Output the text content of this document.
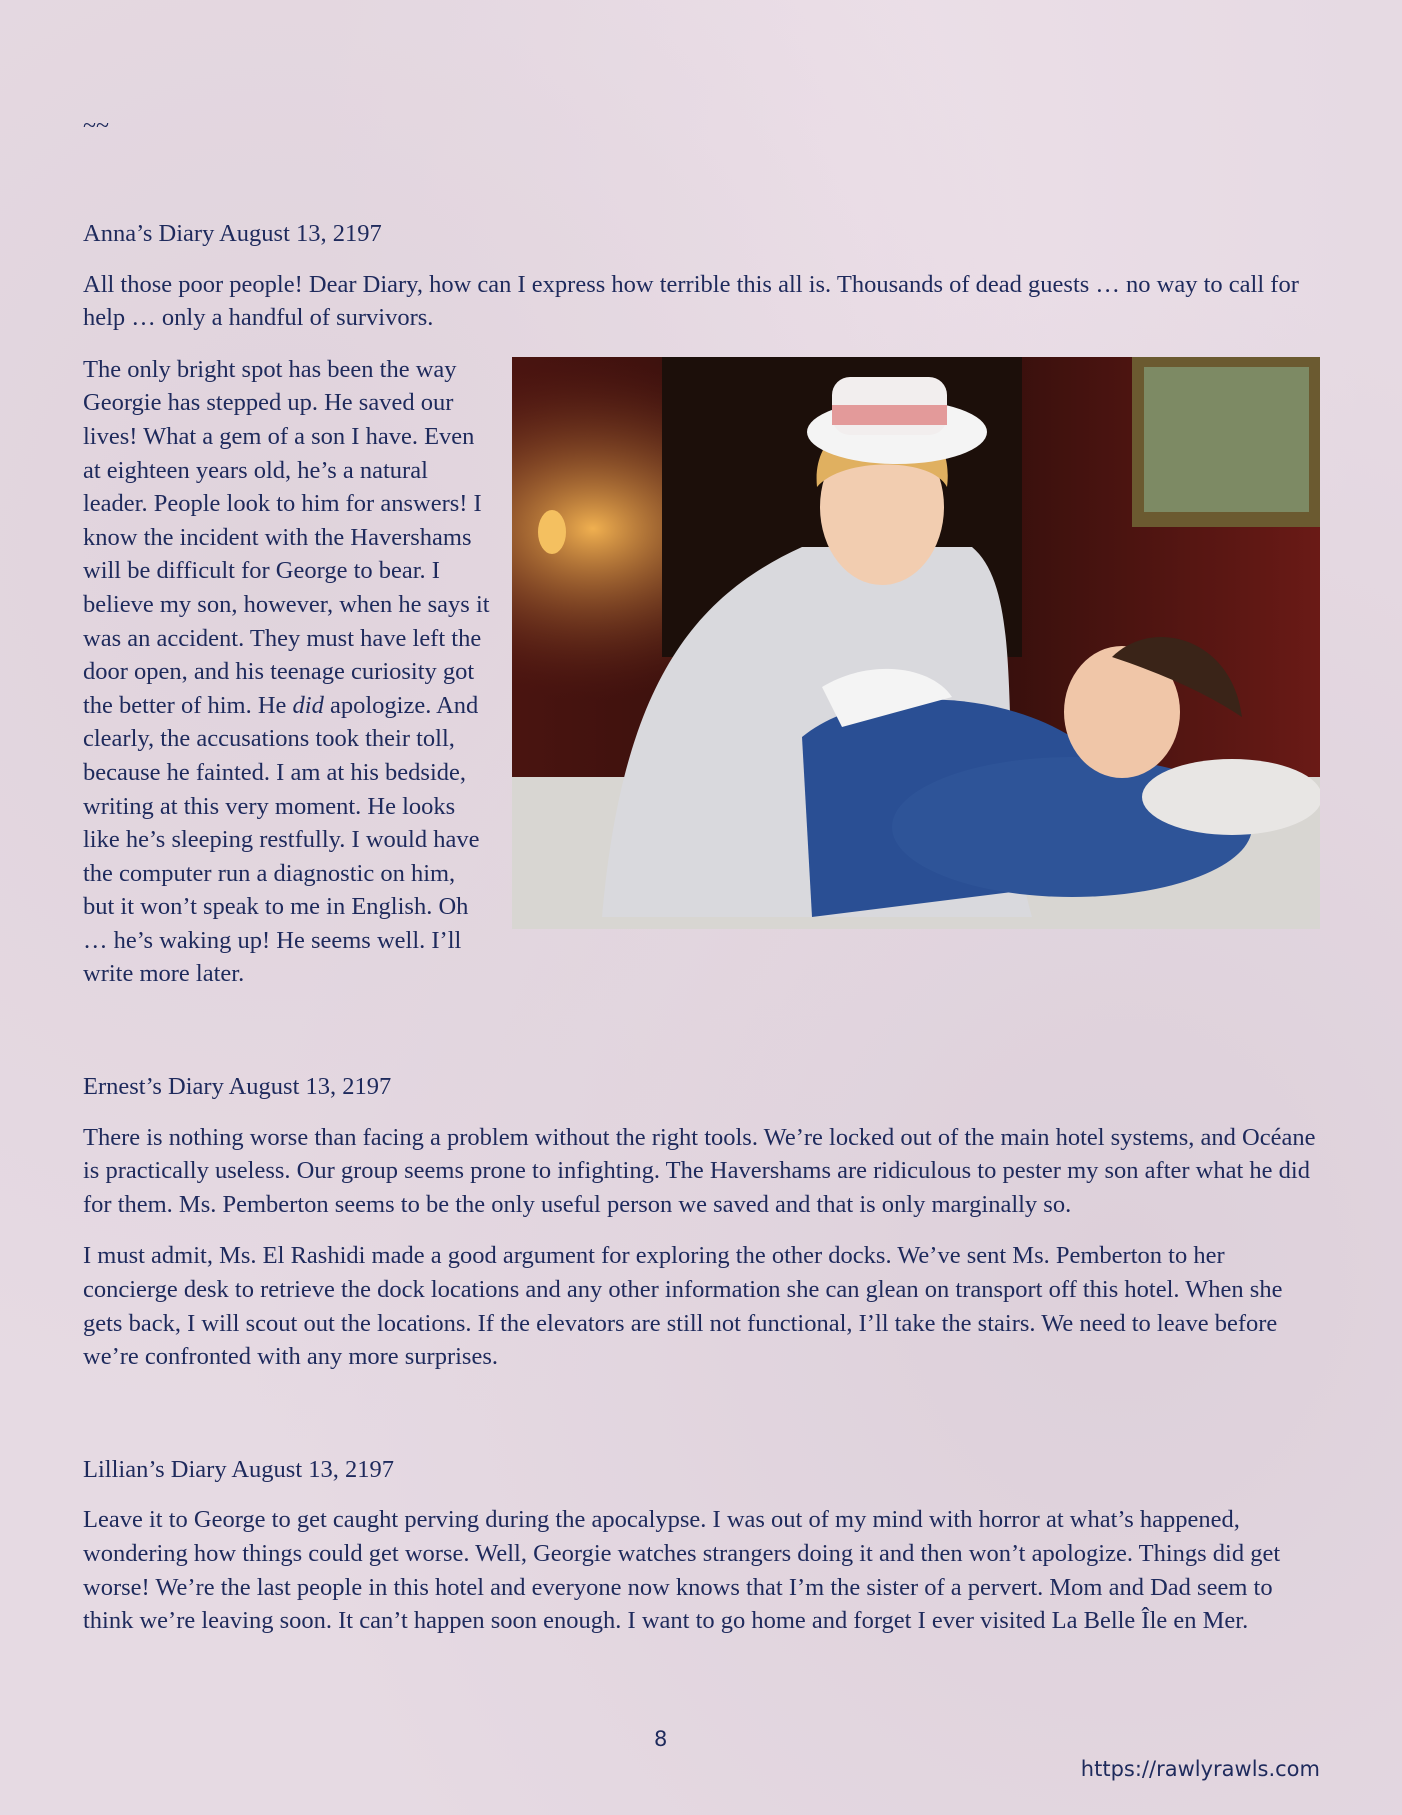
~~
Anna’s Diary August 13, 2197

All those poor people! Dear Diary, how can I express how terrible this all is. Thousands of dead guests … no way to call for help … only a handful of survivors.

The only bright spot has been the way Georgie has stepped up. He saved our lives! What a gem of a son I have. Even at eighteen years old, he’s a natural leader. People look to him for answers! I know the incident with the Havershams will be difficult for George to bear. I believe my son, however, when he says it was an accident. They must have left the door open, and his teenage curiosity got the better of him. He did apologize. And clearly, the accusations took their toll, because he fainted. I am at his bedside, writing at this very moment. He looks like he’s sleeping restfully. I would have the computer run a diagnostic on him, but it won’t speak to me in English. Oh … he’s waking up! He seems well. I’ll write more later.

Ernest’s Diary August 13, 2197

There is nothing worse than facing a problem without the right tools. We’re locked out of the main hotel systems, and Océane is practically useless. Our group seems prone to infighting. The Havershams are ridiculous to pester my son after what he did for them. Ms. Pemberton seems to be the only useful person we saved and that is only marginally so.

I must admit, Ms. El Rashidi made a good argument for exploring the other docks. We’ve sent Ms. Pemberton to her concierge desk to retrieve the dock locations and any other information she can glean on transport off this hotel. When she gets back, I will scout out the locations. If the elevators are still not functional, I’ll take the stairs. We need to leave before we’re confronted with any more surprises.

Lillian’s Diary August 13, 2197

Leave it to George to get caught perving during the apocalypse. I was out of my mind with horror at what’s happened, wondering how things could get worse. Well, Georgie watches strangers doing it and then won’t apologize. Things did get worse! We’re the last people in this hotel and everyone now knows that I’m the sister of a pervert. Mom and Dad seem to think we’re leaving soon. It can’t happen soon enough. I want to go home and forget I ever visited La Belle Île en Mer.

8
https://rawlyrawls.com
